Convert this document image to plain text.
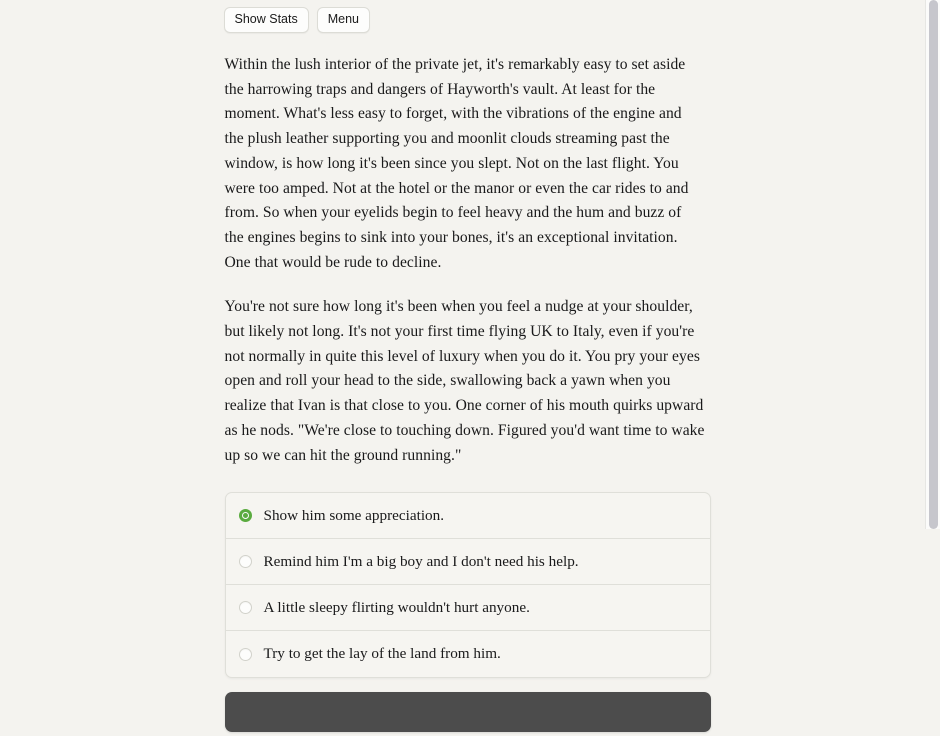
Show Stats	Menu

Within the lush interior of the private jet, it's remarkably easy to set aside the harrowing traps and dangers of Hayworth's vault. At least for the moment. What's less easy to forget, with the vibrations of the engine and the plush leather supporting you and moonlit clouds streaming past the window, is how long it's been since you slept. Not on the last flight. You were too amped. Not at the hotel or the manor or even the car rides to and from. So when your eyelids begin to feel heavy and the hum and buzz of the engines begins to sink into your bones, it's an exceptional invitation. One that would be rude to decline.

You're not sure how long it's been when you feel a nudge at your shoulder, but likely not long. It's not your first time flying UK to Italy, even if you're not normally in quite this level of luxury when you do it. You pry your eyes open and roll your head to the side, swallowing back a yawn when you realize that Ivan is that close to you. One corner of his mouth quirks upward as he nods. "We're close to touching down. Figured you'd want time to wake up so we can hit the ground running."

Show him some appreciation.
Remind him I'm a big boy and I don't need his help.
A little sleepy flirting wouldn't hurt anyone.
Try to get the lay of the land from him.
